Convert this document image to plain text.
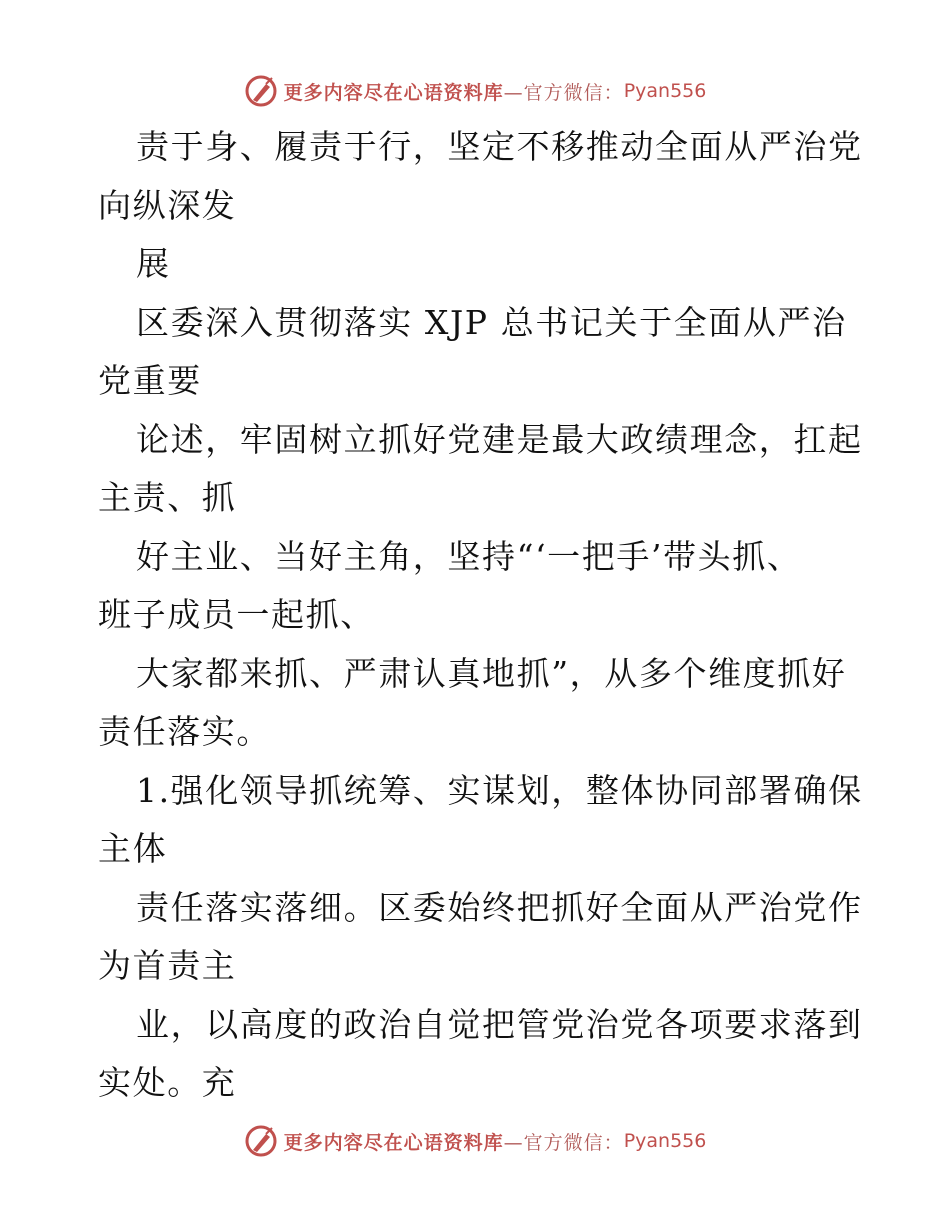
更多内容尽在心语资料库 —官方微信： Pyan556
责于身、履责于行，坚定不移推动全面从严治党
向纵深发
展
区委深入贯彻落实 XJP 总书记关于全面从严治
党重要
论述，牢固树立抓好党建是最大政绩理念，扛起
主责、抓
好主业、当好主角，坚持“‘一把手’带头抓、
班子成员一起抓、
大家都来抓、严肃认真地抓”，从多个维度抓好
责任落实。
1.强化领导抓统筹、实谋划，整体协同部署确保
主体
责任落实落细。区委始终把抓好全面从严治党作
为首责主
业，以高度的政治自觉把管党治党各项要求落到
实处。充
更多内容尽在心语资料库 —官方微信： Pyan556
